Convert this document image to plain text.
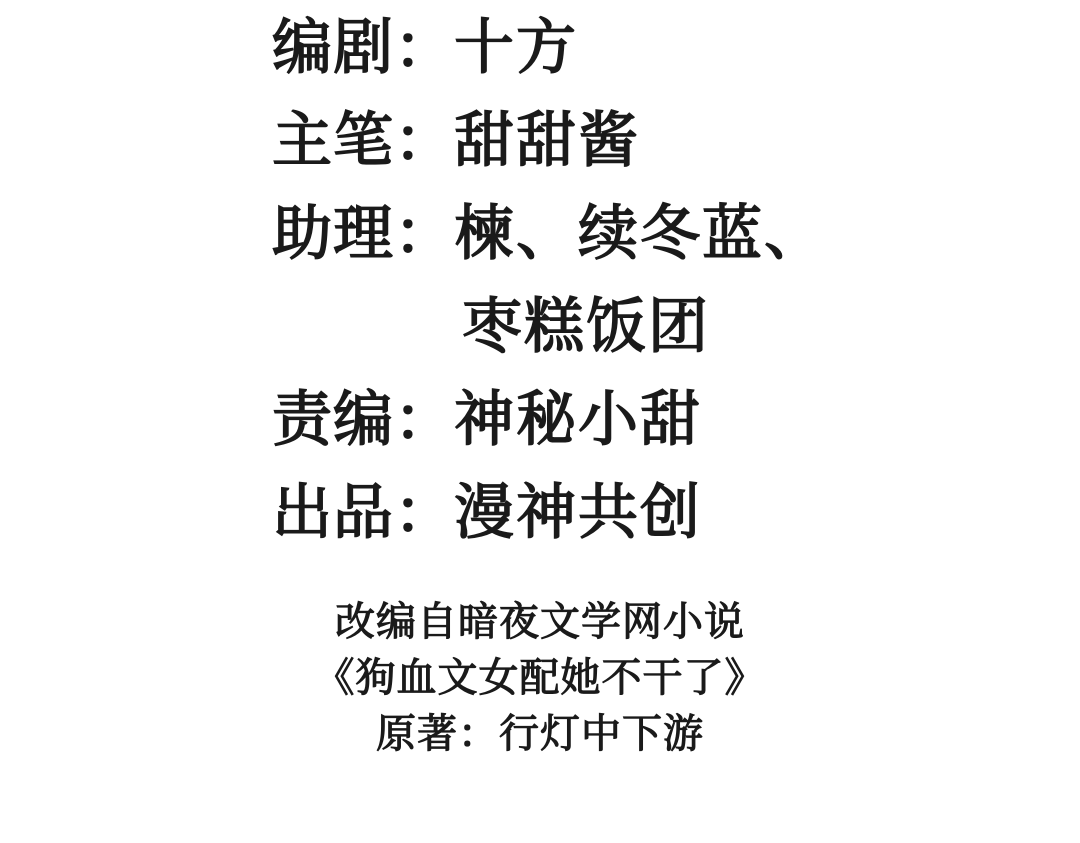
编剧 ： 十方
主笔 ： 甜甜酱
助理 ： 楝、续冬蓝、
枣糕饭团
责编 ： 神秘小甜
出品 ： 漫神共创
改编自暗夜文学网小说
《狗血文女配她不干了》
原著：行灯中下游
